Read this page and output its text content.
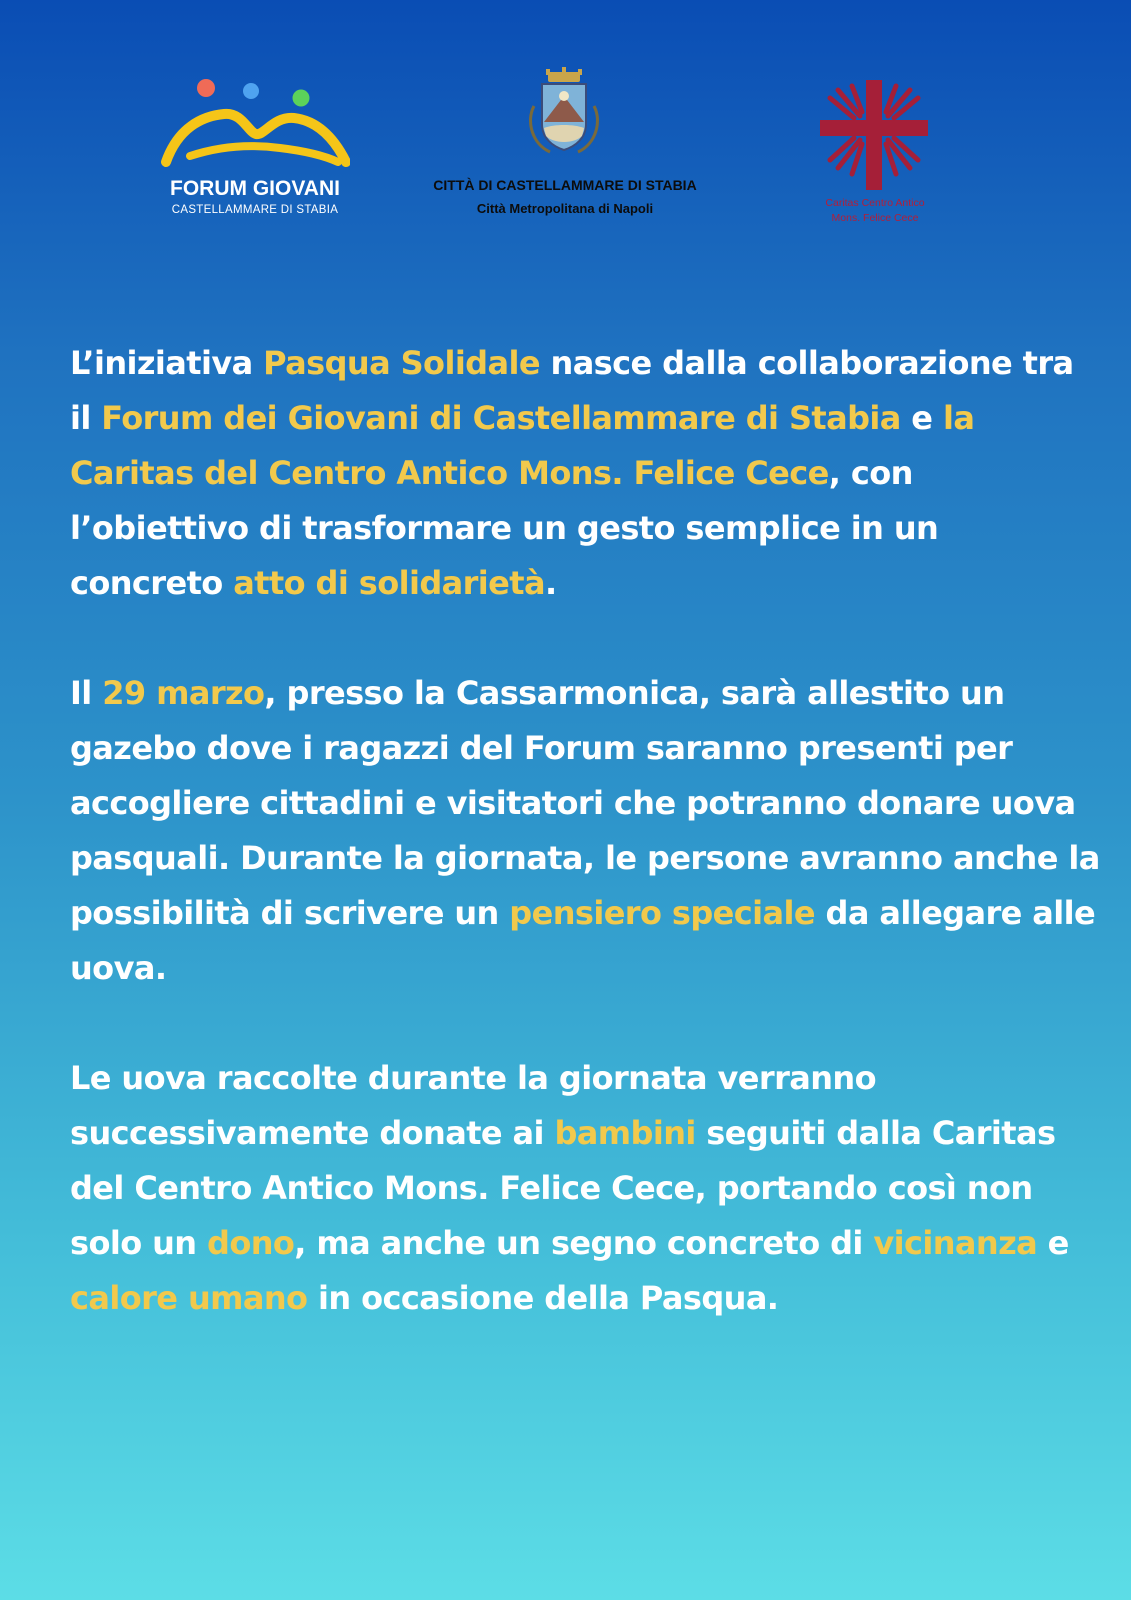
FORUM GIOVANI
CASTELLAMMARE DI STABIA
CITTÀ DI CASTELLAMMARE DI STABIA
Città Metropolitana di Napoli	Caritas Centro Antico
Mons. Felice Cece

L’iniziativa Pasqua Solidale nasce dalla collaborazione tra il Forum dei Giovani di Castellammare di Stabia e la Caritas del Centro Antico Mons. Felice Cece, con l’obiettivo di trasformare un gesto semplice in un concreto atto di solidarietà.

Il 29 marzo, presso la Cassarmonica, sarà allestito un gazebo dove i ragazzi del Forum saranno presenti per accogliere cittadini e visitatori che potranno donare uova pasquali. Durante la giornata, le persone avranno anche la possibilità di scrivere un pensiero speciale da allegare alle uova.

Le uova raccolte durante la giornata verranno successivamente donate ai bambini seguiti dalla Caritas del Centro Antico Mons. Felice Cece, portando così non solo un dono, ma anche un segno concreto di vicinanza e calore umano in occasione della Pasqua.
